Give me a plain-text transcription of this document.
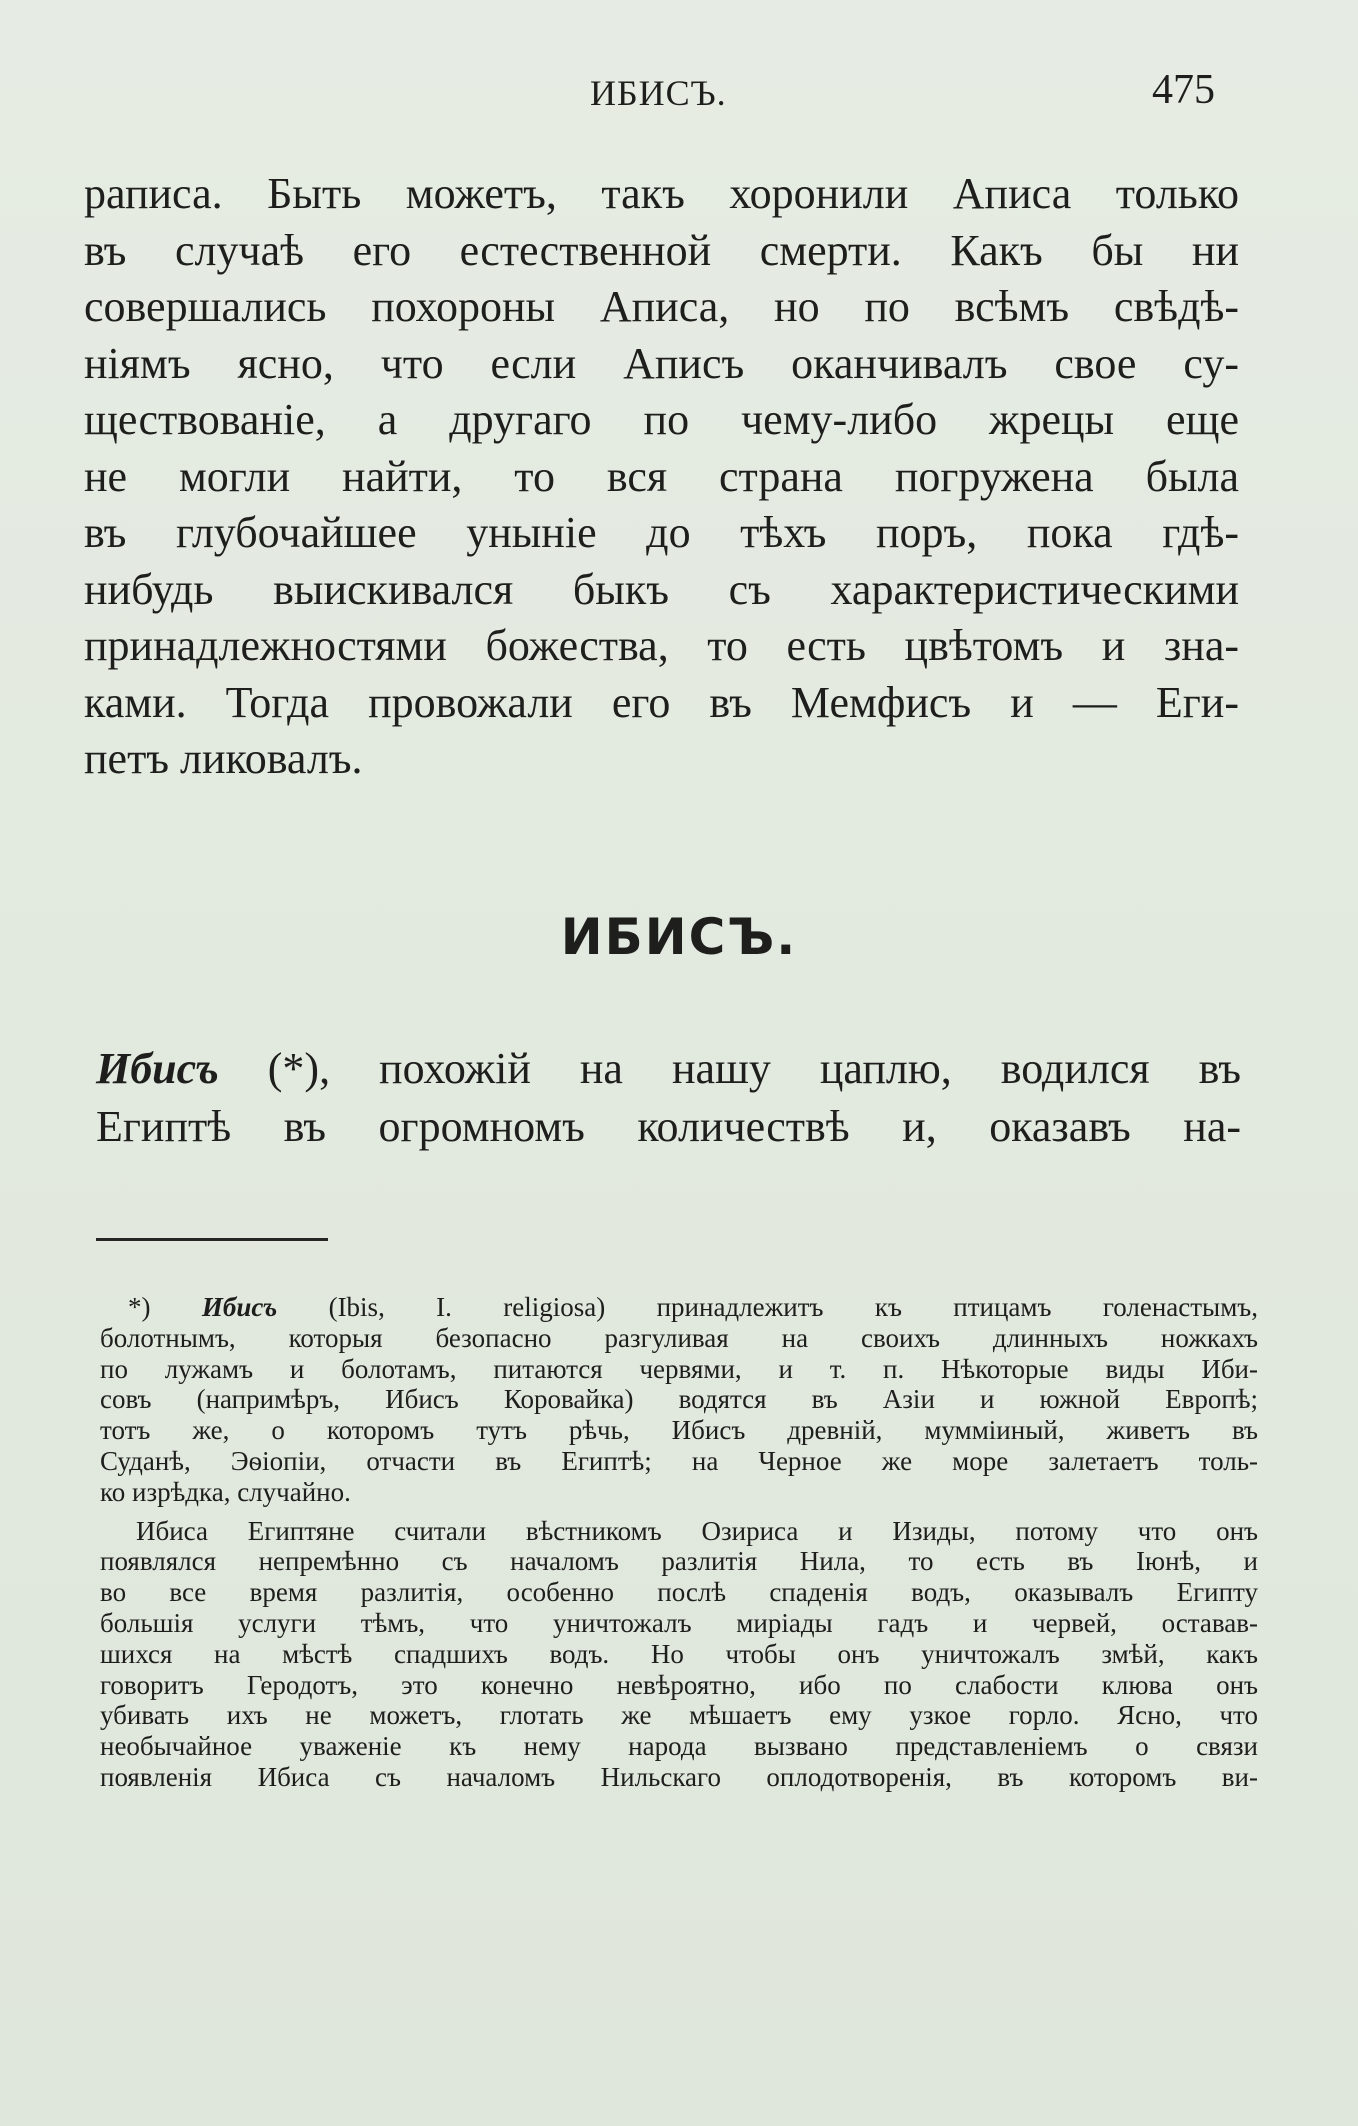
ИБИСЪ.	475
раписа. Быть можетъ, такъ хоронили Аписа только
въ случаѣ его естественной смерти. Какъ бы ни
совершались похороны Аписа, но по всѣмъ свѣдѣ-
ніямъ ясно, что если Аписъ оканчивалъ свое су-
ществованіе, а другаго по чему-либо жрецы еще
не могли найти, то вся страна погружена была
въ глубочайшее уныніе до тѣхъ поръ, пока гдѣ-
нибудь выискивался быкъ съ характеристическими
принадлежностями божества, то есть цвѣтомъ и зна-
ками. Тогда провожали его въ Мемфисъ и — Еги-
петъ ликовалъ.
ИБИСЪ.
Ибисъ (*), похожій на нашу цаплю, водился въ
Египтѣ въ огромномъ количествѣ и, оказавъ на-
*) Ибисъ (Ibis, I. religiosa) принадлежитъ къ птицамъ голенастымъ,
болотнымъ, которыя безопасно разгуливая на своихъ длинныхъ ножкахъ
по лужамъ и болотамъ, питаются червями, и т. п. Нѣкоторые виды Иби-
совъ (напримѣръ, Ибисъ Коровайка) водятся въ Азіи и южной Европѣ;
тотъ же, о которомъ тутъ рѣчь, Ибисъ древній, мумміиный, живетъ въ
Суданѣ, Эѳіопіи, отчасти въ Египтѣ; на Черное же море залетаетъ толь-
ко изрѣдка, случайно.
Ибиса Египтяне считали вѣстникомъ Озириса и Изиды, потому что онъ
появлялся непремѣнно съ началомъ разлитія Нила, то есть въ Іюнѣ, и
во все время разлитія, особенно послѣ спаденія водъ, оказывалъ Египту
большія услуги тѣмъ, что уничтожалъ миріады гадъ и червей, оставав-
шихся на мѣстѣ спадшихъ водъ. Но чтобы онъ уничтожалъ змѣй, какъ
говоритъ Геродотъ, это конечно невѣроятно, ибо по слабости клюва онъ
убивать ихъ не можетъ, глотать же мѣшаетъ ему узкое горло. Ясно, что
необычайное уваженіе къ нему народа вызвано представленіемъ о связи
появленія Ибиса съ началомъ Нильскаго оплодотворенія, въ которомъ ви-
